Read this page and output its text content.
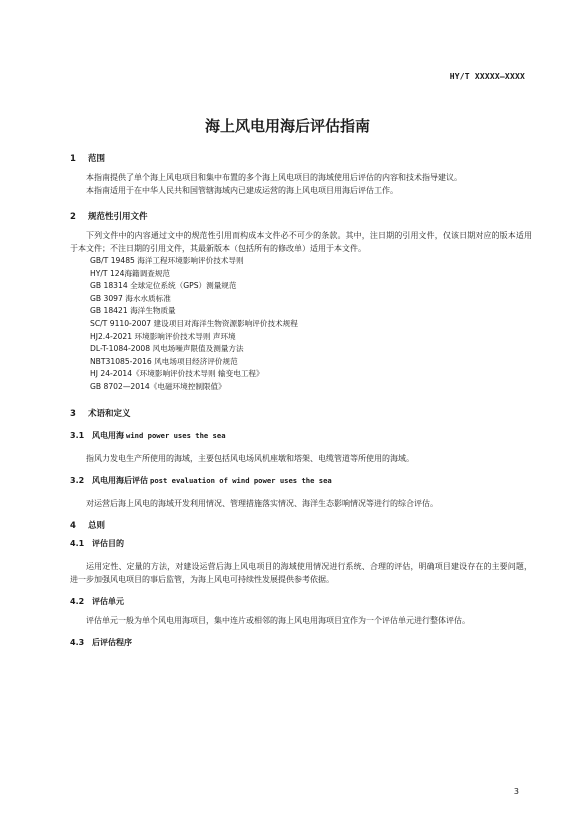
HY/T XXXXX—XXXX
海上风电用海后评估指南
1 范围
本指南提供了单个海上风电项目和集中布置的多个海上风电项目的海域使用后评估的内容和技术指导建议。
本指南适用于在中华人民共和国管辖海域内已建成运营的海上风电项目用海后评估工作。
2 规范性引用文件
下列文件中的内容通过文中的规范性引用而构成本文件必不可少的条款。其中，注日期的引用文件，仅该日期对应的版本适用于本文件；不注日期的引用文件，其最新版本（包括所有的修改单）适用于本文件。
GB/T 19485 海洋工程环境影响评价技术导则
HY/T 124海籍调查规范
GB 18314 全球定位系统（GPS）测量规范
GB 3097 海水水质标准
GB 18421 海洋生物质量
SC/T 9110-2007 建设项目对海洋生物资源影响评价技术规程
HJ2.4-2021 环境影响评价技术导则 声环境
DL-T-1084-2008 风电场噪声限值及测量方法
NBT31085-2016 风电场项目经济评价规范
HJ 24-2014《环境影响评价技术导则 输变电工程》
GB 8702—2014《电磁环境控制限值》
3 术语和定义
3.1 风电用海 wind power uses the sea
指风力发电生产所使用的海域，主要包括风电场风机座墩和塔架、电缆管道等所使用的海域。
3.2 风电用海后评估 post evaluation of wind power uses the sea
对运营后海上风电的海域开发利用情况、管理措施落实情况、海洋生态影响情况等进行的综合评估。
4 总则
4.1 评估目的
运用定性、定量的方法，对建设运营后海上风电项目的海域使用情况进行系统、合理的评估，明确项目建设存在的主要问题，进一步加强风电项目的事后监管，为海上风电可持续性发展提供参考依据。
4.2 评估单元
评估单元一般为单个风电用海项目，集中连片或相邻的海上风电用海项目宜作为一个评估单元进行整体评估。
4.3 后评估程序
3
